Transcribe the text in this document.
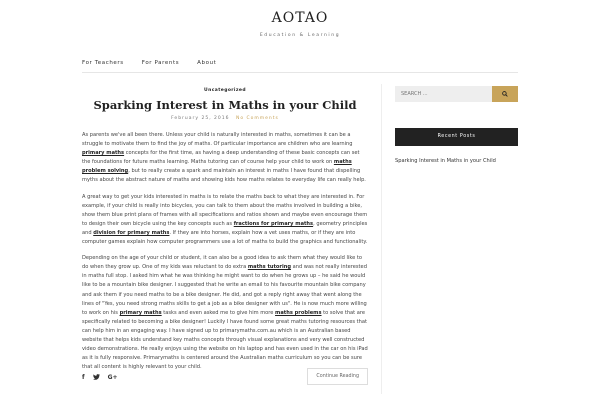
AOTAO
Education & Learning
For Teachers	For Parents	About
Uncategorized
Sparking Interest in Maths in your Child
February 25, 2016 No Comments

As parents we've all been there. Unless your child is naturally interested in maths, sometimes it can be a struggle to motivate them to find the joy of maths. Of particular importance are children who are learning primary maths concepts for the first time, as having a deep understanding of these basic concepts can set the foundations for future maths learning. Maths tutoring can of course help your child to work on maths problem solving, but to really create a spark and maintain an interest in maths I have found that dispelling myths about the abstract nature of maths and showing kids how maths relates to everyday life can really help.

A great way to get your kids interested in maths is to relate the maths back to what they are interested in. For example, if your child is really into bicycles, you can talk to them about the maths involved in building a bike, show them blue print plans of frames with all specifications and ratios shown and maybe even encourage them to design their own bicycle using the key concepts such as fractions for primary maths, geometry principles and division for primary maths. If they are into horses, explain how a vet uses maths, or if they are into computer games explain how computer programmers use a lot of maths to build the graphics and functionality.

Depending on the age of your child or student, it can also be a good idea to ask them what they would like to do when they grow up. One of my kids was reluctant to do extra maths tutoring and was not really interested in maths full stop. I asked him what he was thinking he might want to do when he grows up – he said he would like to be a mountain bike designer. I suggested that he write an email to his favourite mountain bike company and ask them if you need maths to be a bike designer. He did, and got a reply right away that went along the lines of "Yes, you need strong maths skills to get a job as a bike designer with us". He is now much more willing to work on his primary maths tasks and even asked me to give him more maths problems to solve that are specifically related to becoming a bike designer! Luckily I have found some great maths tutoring resources that can help him in an engaging way. I have signed up to primarymaths.com.au which is an Australian based website that helps kids understand key maths concepts through visual explanations and very well constructed video demonstrations. He really enjoys using the website on his laptop and has even used in the car on his iPad as it is fully responsive. Primarymaths is centered around the Australian maths curriculum so you can be sure that all content is highly relevant to your child.

f	G+	Continue Reading
SEARCH ...
Recent Posts
Sparking Interest in Maths in your Child
